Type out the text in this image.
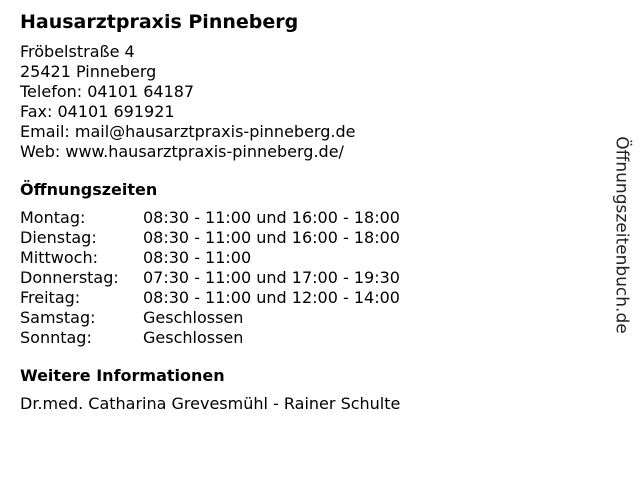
Hausarztpraxis Pinneberg
Fröbelstraße 4
25421 Pinneberg
Telefon: 04101 64187
Fax: 04101 691921
Email: mail@hausarztpraxis-pinneberg.de
Web: www.hausarztpraxis-pinneberg.de/
Öffnungszeiten
Montag:	08:30 - 11:00 und 16:00 - 18:00
Dienstag:	08:30 - 11:00 und 16:00 - 18:00
Mittwoch:	08:30 - 11:00
Donnerstag:	07:30 - 11:00 und 17:00 - 19:30
Freitag:	08:30 - 11:00 und 12:00 - 14:00
Samstag:	Geschlossen
Sonntag:	Geschlossen
Weitere Informationen
Dr.med. Catharina Grevesmühl - Rainer Schulte
Öffnungszeitenbuch.de
